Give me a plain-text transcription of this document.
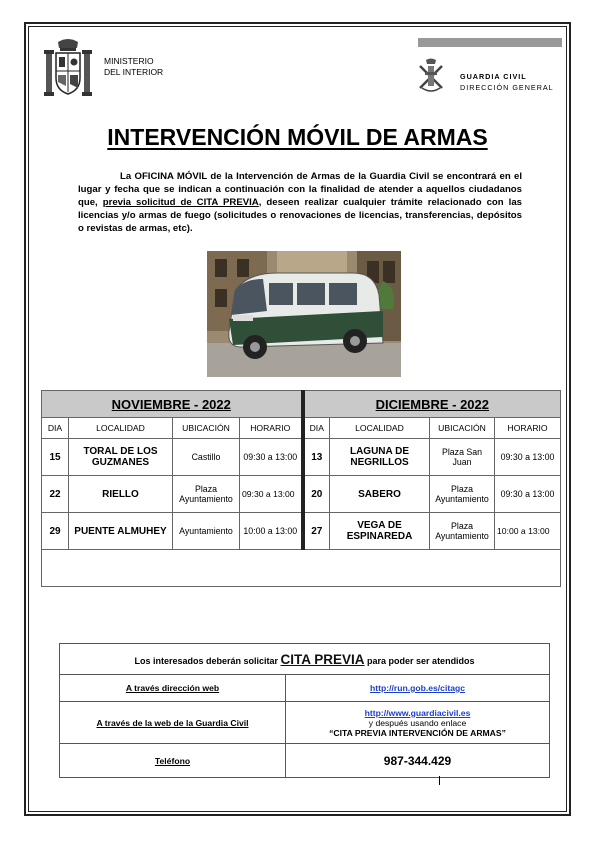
MINISTERIO
DEL INTERIOR	GUARDIA CIVIL
DIRECCIÓN GENERAL
INTERVENCIÓN MÓVIL DE ARMAS
La OFICINA MÓVIL de la Intervención de Armas de la Guardia Civil se encontrará en el lugar y fecha que se indican a continuación con la finalidad de atender a aquellos ciudadanos que, previa solicitud de CITA PREVIA, deseen realizar cualquier trámite relacionado con las licencias y/o armas de fuego (solicitudes o renovaciones de licencias, transferencias, depósitos o revistas de armas, etc).
NOVIEMBRE - 2022				DICIEMBRE - 2022			
DIA	LOCALIDAD	UBICACIÓN	HORARIO	DIA	LOCALIDAD	UBICACIÓN	HORARIO
15	TORAL DE LOS GUZMANES	Castillo	09:30 a 13:00	13	LAGUNA DE NEGRILLOS	Plaza San Juan	09:30 a 13:00
22	RIELLO	Plaza Ayuntamiento	09:30 a 13:00	20	SABERO	Plaza Ayuntamiento	09:30 a 13:00
29	PUENTE ALMUHEY	Ayuntamiento	10:00 a 13:00	27	VEGA DE ESPINAREDA	Plaza Ayuntamiento	10:00 a 13:00

Los interesados deberán solicitar CITA PREVIA para poder ser atendidos	
A través dirección web	http://run.gob.es/citagc
A través de la web de la Guardia Civil	http://www.guardiacivil.es
y después usando enlace
“CITA PREVIA INTERVENCIÓN DE ARMAS”

Teléfono	987-344.429
